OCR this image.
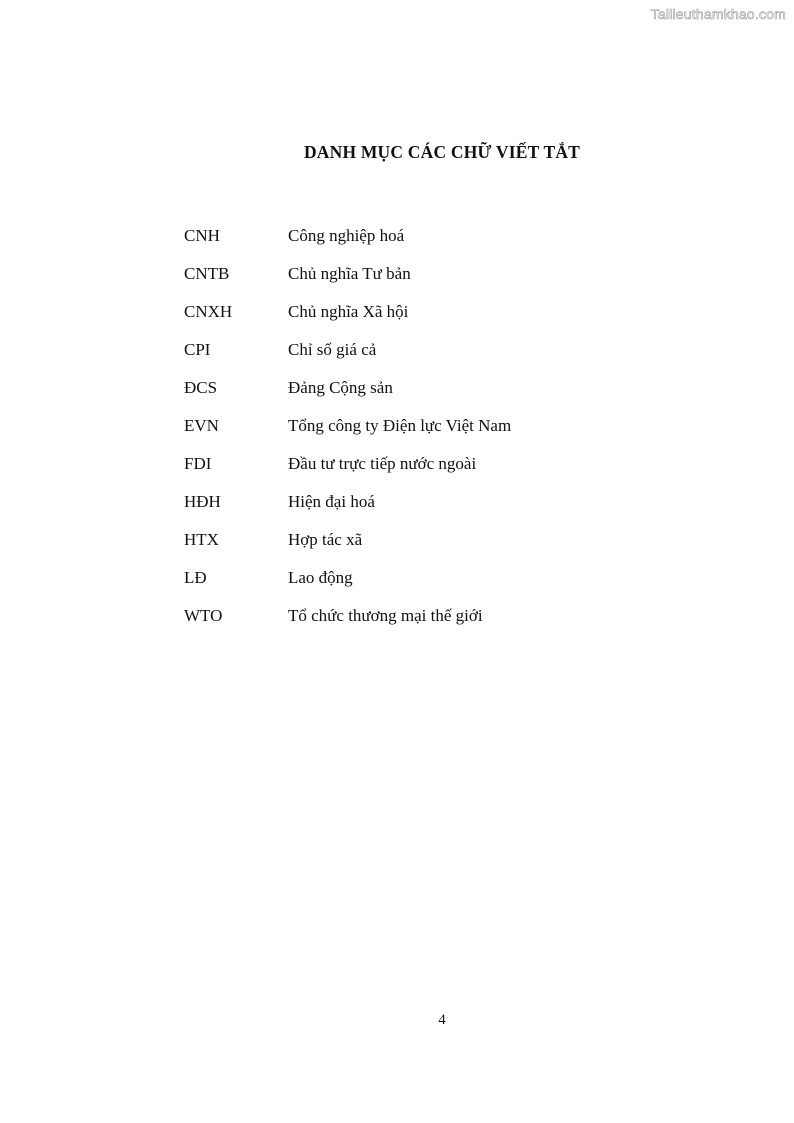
Tailieuthamkhao.com
DANH MỤC CÁC CHỮ VIẾT TẮT
CNH	Công nghiệp hoá
CNTB	Chủ nghĩa Tư bản
CNXH	Chủ nghĩa Xã hội
CPI	Chỉ số giá cả
ĐCS	Đảng Cộng sản
EVN	Tổng công ty Điện lực Việt Nam
FDI	Đầu tư trực tiếp nước ngoài
HĐH	Hiện đại hoá
HTX	Hợp tác xã
LĐ	Lao động
WTO	Tổ chức thương mại thế giới
4
